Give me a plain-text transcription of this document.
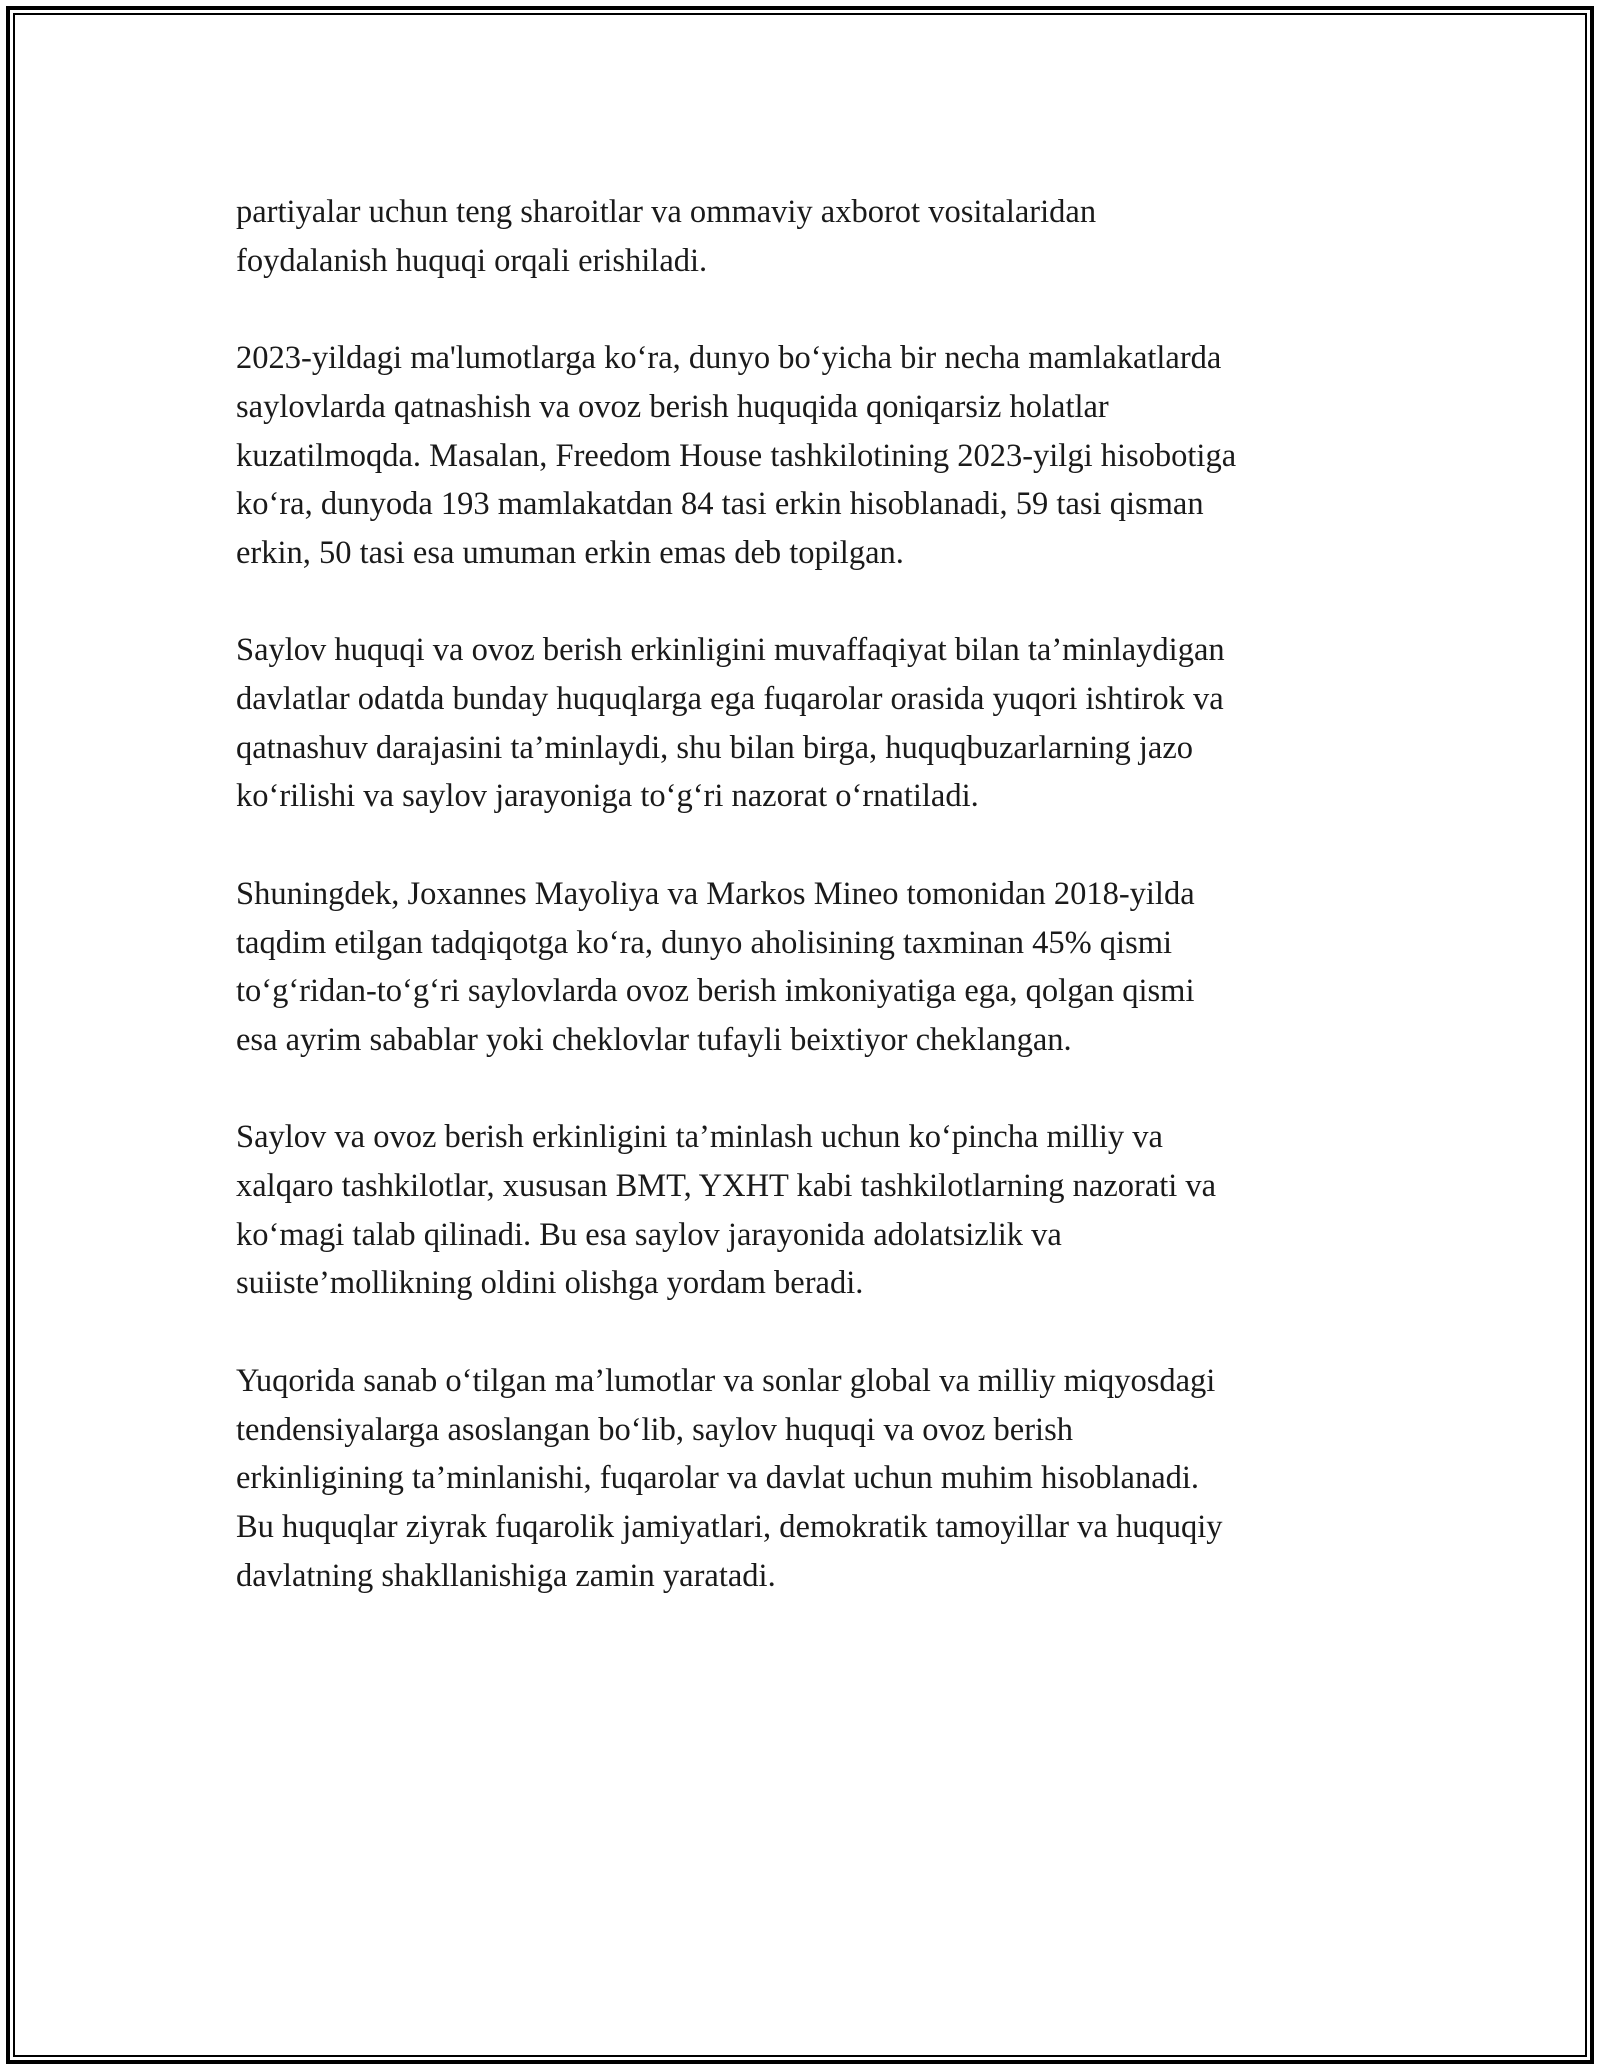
partiyalar uchun teng sharoitlar va ommaviy axborot vositalaridan
foydalanish huquqi orqali erishiladi.

2023-yildagi ma'lumotlarga ko‘ra, dunyo bo‘yicha bir necha mamlakatlarda
saylovlarda qatnashish va ovoz berish huquqida qoniqarsiz holatlar
kuzatilmoqda. Masalan, Freedom House tashkilotining 2023-yilgi hisobotiga
ko‘ra, dunyoda 193 mamlakatdan 84 tasi erkin hisoblanadi, 59 tasi qisman
erkin, 50 tasi esa umuman erkin emas deb topilgan.

Saylov huquqi va ovoz berish erkinligini muvaffaqiyat bilan ta’minlaydigan
davlatlar odatda bunday huquqlarga ega fuqarolar orasida yuqori ishtirok va
qatnashuv darajasini ta’minlaydi, shu bilan birga, huquqbuzarlarning jazo
ko‘rilishi va saylov jarayoniga to‘g‘ri nazorat o‘rnatiladi.

Shuningdek, Joxannes Mayoliya va Markos Mineo tomonidan 2018-yilda
taqdim etilgan tadqiqotga ko‘ra, dunyo aholisining taxminan 45% qismi
to‘g‘ridan-to‘g‘ri saylovlarda ovoz berish imkoniyatiga ega, qolgan qismi
esa ayrim sabablar yoki cheklovlar tufayli beixtiyor cheklangan.

Saylov va ovoz berish erkinligini ta’minlash uchun ko‘pincha milliy va
xalqaro tashkilotlar, xususan BMT, YXHT kabi tashkilotlarning nazorati va
ko‘magi talab qilinadi. Bu esa saylov jarayonida adolatsizlik va
suiiste’mollikning oldini olishga yordam beradi.

Yuqorida sanab o‘tilgan ma’lumotlar va sonlar global va milliy miqyosdagi
tendensiyalarga asoslangan bo‘lib, saylov huquqi va ovoz berish
erkinligining ta’minlanishi, fuqarolar va davlat uchun muhim hisoblanadi.
Bu huquqlar ziyrak fuqarolik jamiyatlari, demokratik tamoyillar va huquqiy
davlatning shakllanishiga zamin yaratadi.
